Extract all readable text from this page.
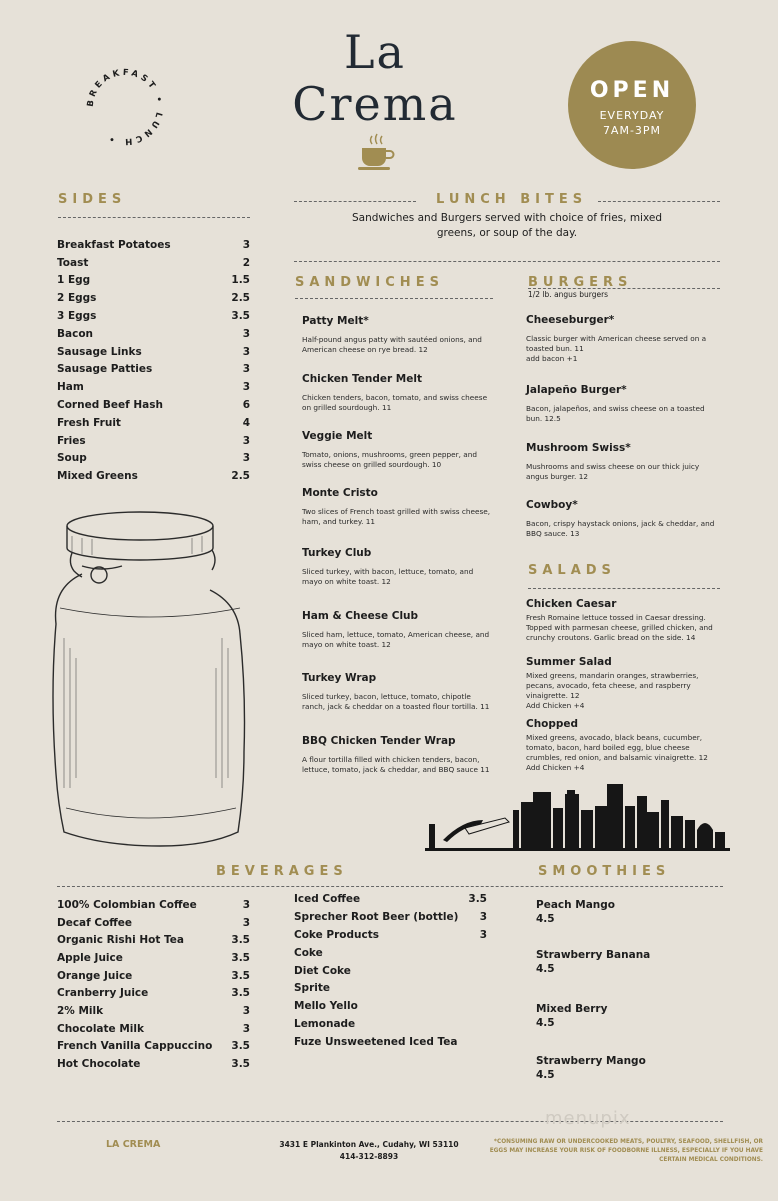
BREAKFAST • LUNCH •
La
Crema	OPEN
EVERYDAY
7AM-3PM
SIDES
Breakfast Potatoes	3
Toast	2
1 Egg	1.5
2 Eggs	2.5
3 Eggs	3.5
Bacon	3
Sausage Links	3
Sausage Patties	3
Ham	3
Corned Beef Hash	6
Fresh Fruit	4
Fries	3
Soup	3
Mixed Greens	2.5
LUNCH BITES
Sandwiches and Burgers served with choice of fries, mixed greens, or soup of the day.
SANDWICHES
Patty Melt*
Half-pound angus patty with sautéed onions, and American cheese on rye bread. 12
Chicken Tender Melt
Chicken tenders, bacon, tomato, and swiss cheese on grilled sourdough. 11
Veggie Melt
Tomato, onions, mushrooms, green pepper, and swiss cheese on grilled sourdough. 10
Monte Cristo
Two slices of French toast grilled with swiss cheese, ham, and turkey. 11
Turkey Club
Sliced turkey, with bacon, lettuce, tomato, and mayo on white toast. 12
Ham & Cheese Club
Sliced ham, lettuce, tomato, American cheese, and mayo on white toast. 12
Turkey Wrap
Sliced turkey, bacon, lettuce, tomato, chipotle ranch, jack & cheddar on a toasted flour tortilla. 11
BBQ Chicken Tender Wrap
A flour tortilla filled with chicken tenders, bacon, lettuce, tomato, jack & cheddar, and BBQ sauce 11
BURGERS
1/2 lb. angus burgers
Cheeseburger*
Classic burger with American cheese served on a toasted bun. 11
add bacon +1
Jalapeño Burger*
Bacon, jalapeños, and swiss cheese on a toasted bun. 12.5
Mushroom Swiss*
Mushrooms and swiss cheese on our thick juicy angus burger. 12
Cowboy*
Bacon, crispy haystack onions, jack & cheddar, and BBQ sauce. 13
SALADS
Chicken Caesar
Fresh Romaine lettuce tossed in Caesar dressing. Topped with parmesan cheese, grilled chicken, and crunchy croutons. Garlic bread on the side. 14
Summer Salad
Mixed greens, mandarin oranges, strawberries, pecans, avocado, feta cheese, and raspberry vinaigrette. 12
Add Chicken +4
Chopped
Mixed greens, avocado, black beans, cucumber, tomato, bacon, hard boiled egg, blue cheese crumbles, red onion, and balsamic vinaigrette. 12
Add Chicken +4
BEVERAGES	SMOOTHIES
100% Colombian Coffee	3
Decaf Coffee	3
Organic Rishi Hot Tea	3.5
Apple Juice	3.5
Orange Juice	3.5
Cranberry Juice	3.5
2% Milk	3
Chocolate Milk	3
French Vanilla Cappuccino 3.5
Hot Chocolate	3.5
Iced Coffee	3.5
Sprecher Root Beer (bottle) 3
Coke Products	3
Coke
Diet Coke
Sprite
Mello Yello
Lemonade
Fuze Unsweetened Iced Tea
Peach Mango
4.5
Strawberry Banana
4.5
Mixed Berry
4.5
Strawberry Mango
4.5
menupix
LA CREMA	3431 E Plankinton Ave., Cudahy, WI 53110
414-312-8893
*CONSUMING RAW OR UNDERCOOKED MEATS, POULTRY, SEAFOOD, SHELLFISH, OR EGGS MAY INCREASE YOUR RISK OF FOODBORNE ILLNESS, ESPECIALLY IF YOU HAVE CERTAIN MEDICAL CONDITIONS.
